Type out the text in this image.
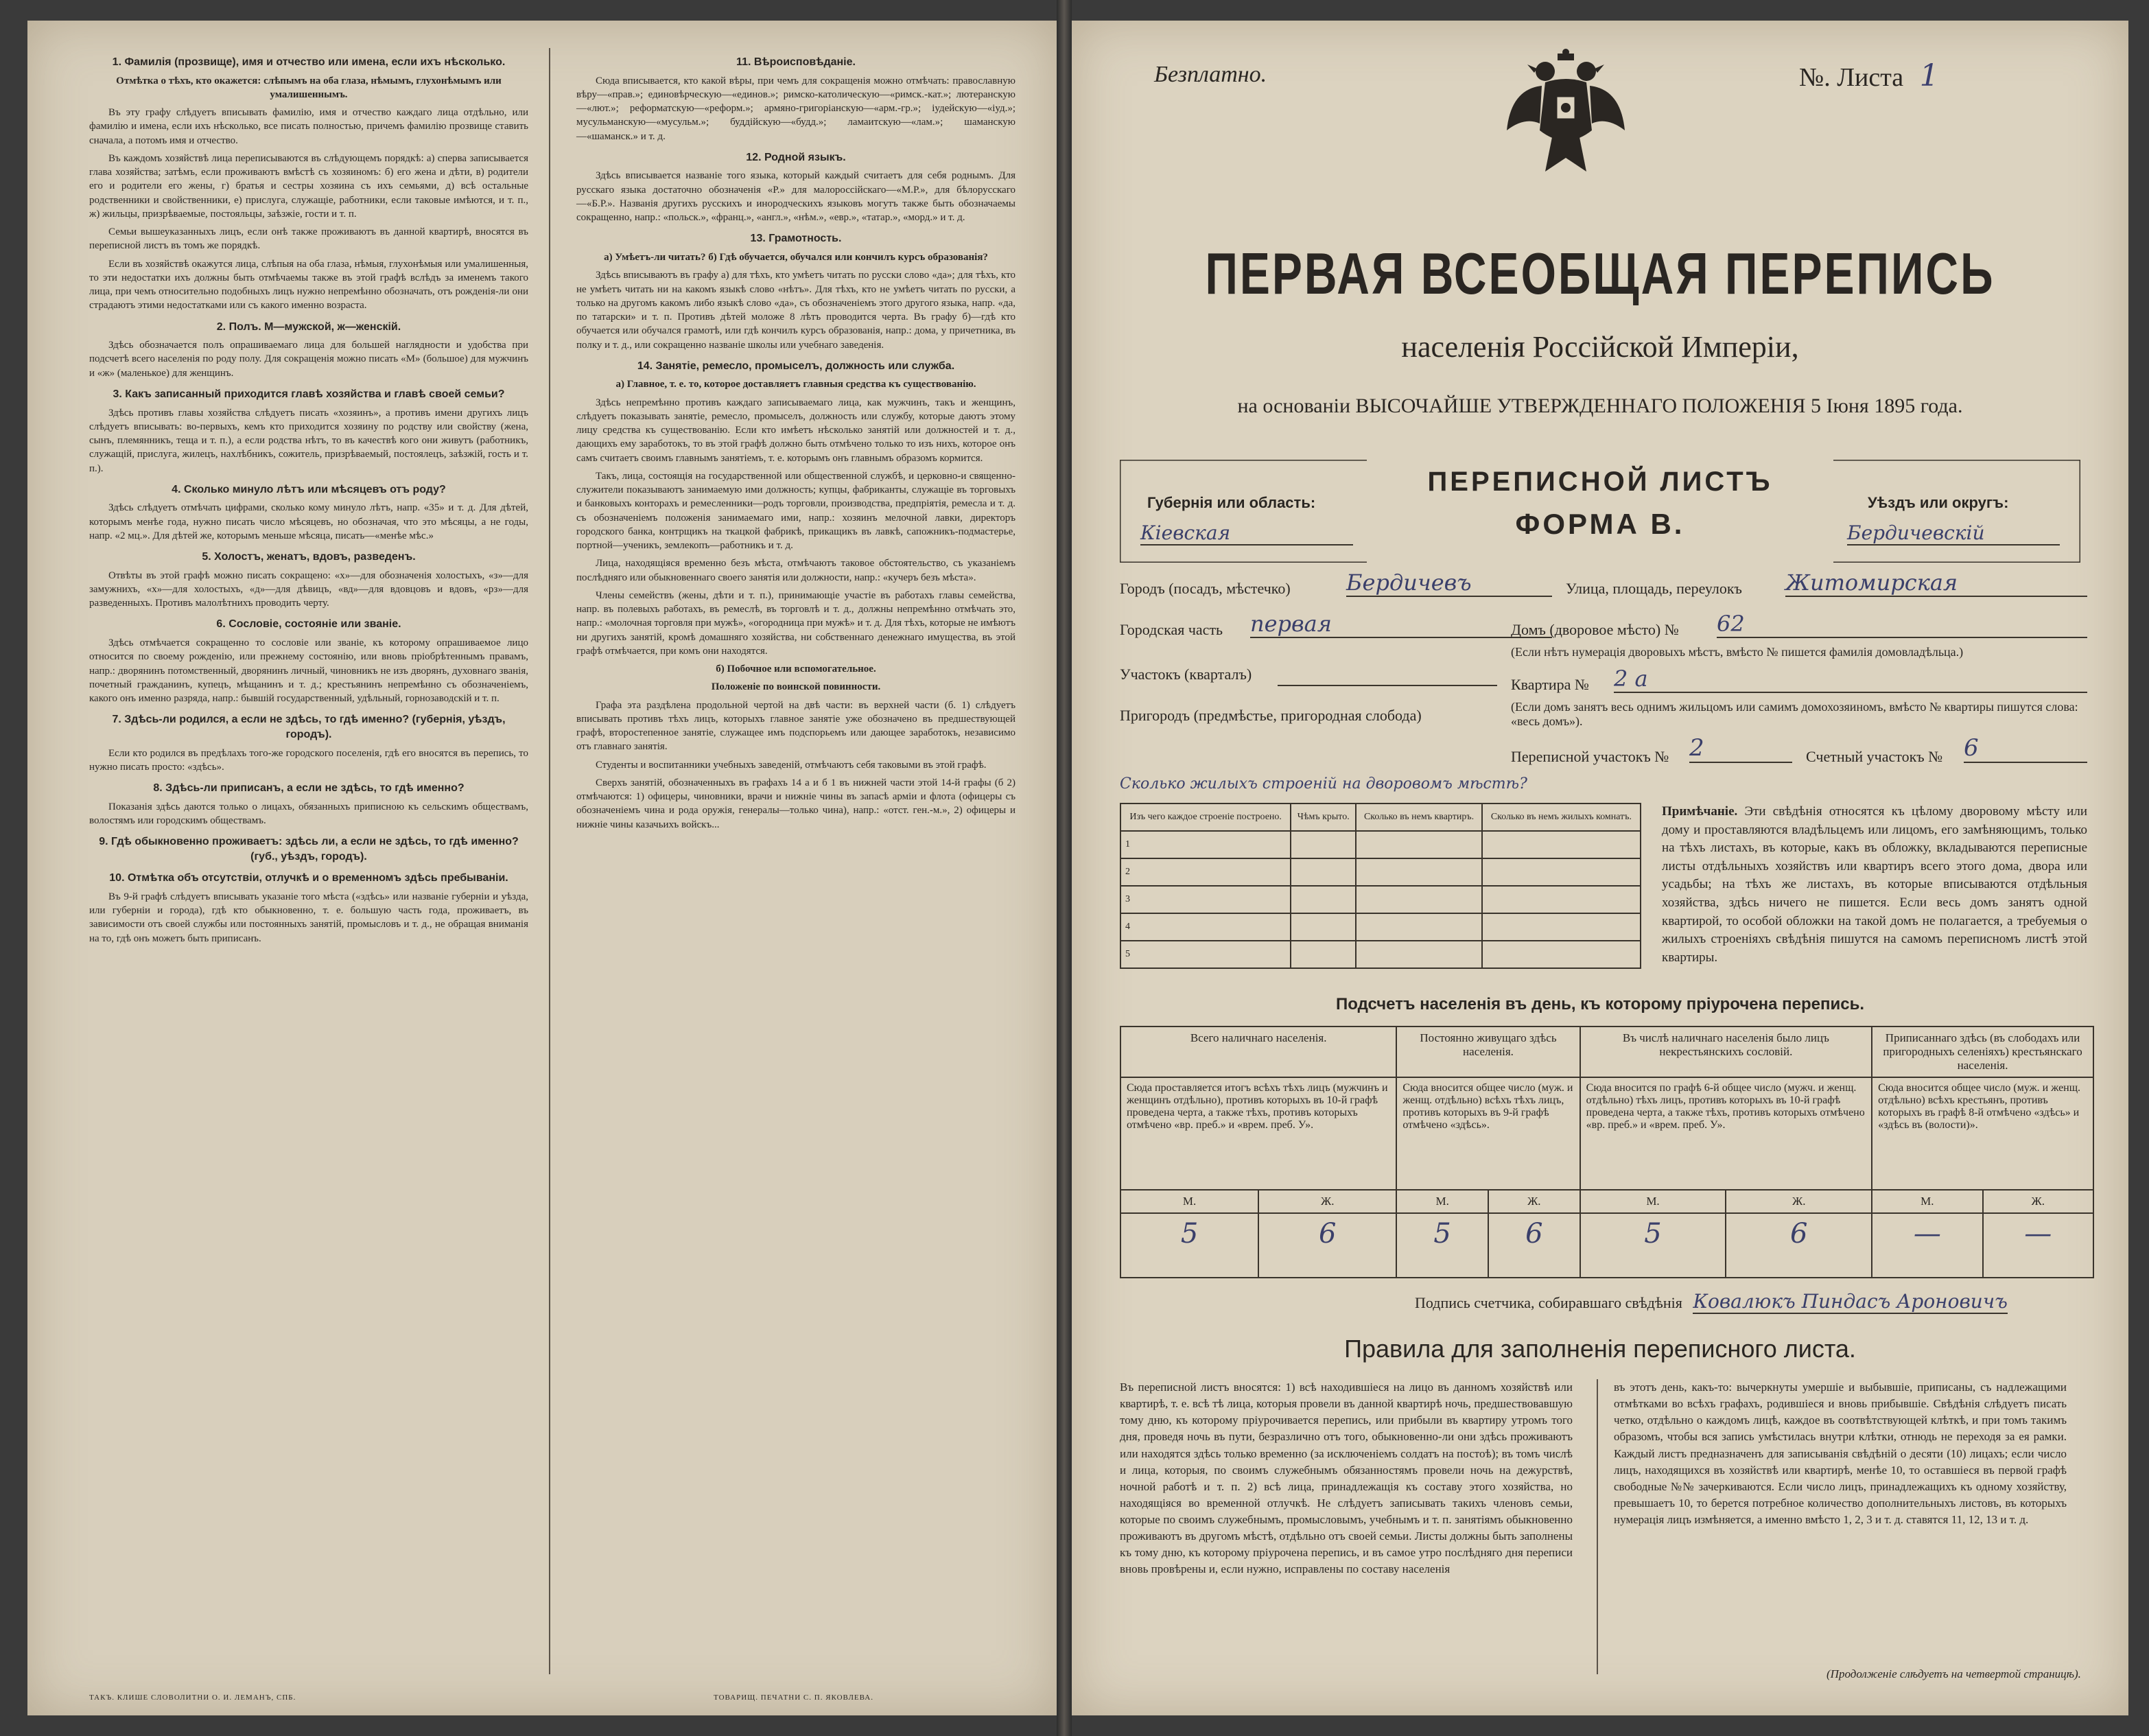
1. Фамилія (прозвище), имя и отчество или имена, если ихъ нѣсколько.
Отмѣтка о тѣхъ, кто окажется: слѣпымъ на оба глаза, нѣмымъ, глухонѣмымъ или умалишеннымъ.
Въ эту графу слѣдуетъ вписывать фамилію, имя и отчество каждаго лица отдѣльно, или фамилію и имена, если ихъ нѣсколько, все писать полностью, причемъ фамилію прозвище ставить сначала, а потомъ имя и отчество.
Въ каждомъ хозяйствѣ лица переписываются въ слѣдующемъ порядкѣ: а) сперва записывается глава хозяйства; затѣмъ, если проживаютъ вмѣстѣ съ хозяиномъ: б) его жена и дѣти, в) родители его и родители его жены, г) братья и сестры хозяина съ ихъ семьями, д) всѣ остальные родственники и свойственники, е) прислуга, служащіе, работники, если таковые имѣются, и т. п., ж) жильцы, призрѣваемые, постояльцы, заѣзжіе, гости и т. п.
Семьи вышеуказанныхъ лицъ, если онѣ также проживаютъ въ данной квартирѣ, вносятся въ переписной листъ въ томъ же порядкѣ.
Если въ хозяйствѣ окажутся лица, слѣпыя на оба глаза, нѣмыя, глухонѣмыя или умалишенныя, то эти недостатки ихъ должны быть отмѣчаемы также въ этой графѣ вслѣдъ за именемъ такого лица, при чемъ относительно подобныхъ лицъ нужно непремѣнно обозначать, отъ рожденія-ли они страдаютъ этими недостатками или съ какого именно возраста.
2. Полъ. М—мужской, ж—женскій.
Здѣсь обозначается полъ опрашиваемаго лица для большей наглядности и удобства при подсчетѣ всего населенія по роду полу. Для сокращенія можно писать «М» (большое) для мужчинъ и «ж» (маленькое) для женщинъ.
3. Какъ записанный приходится главѣ хозяйства и главѣ своей семьи?
Здѣсь противъ главы хозяйства слѣдуетъ писать «хозяинъ», а противъ имени другихъ лицъ слѣдуетъ вписывать: во-первыхъ, кемъ кто приходится хозяину по родству или свойству (жена, сынъ, племянникъ, теща и т. п.), а если родства нѣтъ, то въ качествѣ кого они живутъ (работникъ, служащій, прислуга, жилецъ, нахлѣбникъ, сожитель, призрѣваемый, постоялецъ, заѣзжій, гость и т. п.).
4. Сколько минуло лѣтъ или мѣсяцевъ отъ роду?
Здѣсь слѣдуетъ отмѣчать цифрами, сколько кому минуло лѣтъ, напр. «35» и т. д. Для дѣтей, которымъ менѣе года, нужно писать число мѣсяцевъ, но обозначая, что это мѣсяцы, а не годы, напр. «2 мц.». Для дѣтей же, которымъ меньше мѣсяца, писать—«менѣе мѣс.»
5. Холостъ, женатъ, вдовъ, разведенъ.
Отвѣты въ этой графѣ можно писать сокращено: «х»—для обозначенія холостыхъ, «з»—для замужнихъ, «х»—для холостыхъ, «д»—для дѣвицъ, «вд»—для вдовцовъ и вдовъ, «рз»—для разведенныхъ. Противъ малолѣтнихъ проводить черту.
6. Сословіе, состояніе или званіе.
Здѣсь отмѣчается сокращенно то сословіе или званіе, къ которому опрашиваемое лицо относится по своему рожденію, или прежнему состоянію, или вновь пріобрѣтеннымъ правамъ, напр.: дворянинъ потомственный, дворянинъ личный, чиновникъ не изъ дворянъ, духовнаго званія, почетный гражданинъ, купецъ, мѣщанинъ и т. д.; крестьянинъ непремѣнно съ обозначеніемъ, какого онъ именно разряда, напр.: бывшій государственный, удѣльный, горнозаводскій и т. п.
7. Здѣсь-ли родился, а если не здѣсь, то гдѣ именно? (губернія, уѣздъ, городъ).
Если кто родился въ предѣлахъ того-же городского поселенія, гдѣ его вносятся въ перепись, то нужно писать просто: «здѣсь».
8. Здѣсь-ли приписанъ, а если не здѣсь, то гдѣ именно?
Показанія здѣсь даются только о лицахъ, обязанныхъ приписною къ сельскимъ обществамъ, волостямъ или городскимъ обществамъ.
9. Гдѣ обыкновенно проживаетъ: здѣсь ли, а если не здѣсь, то гдѣ именно? (губ., уѣздъ, городъ).
10. Отмѣтка объ отсутствіи, отлучкѣ и о временномъ здѣсь пребываніи.
Въ 9-й графѣ слѣдуетъ вписывать указаніе того мѣста («здѣсь» или названіе губерніи и уѣзда, или губерніи и города), гдѣ кто обыкновенно, т. е. большую часть года, проживаетъ, въ зависимости отъ своей службы или постоянныхъ занятій, промысловъ и т. д., не обращая вниманія на то, гдѣ онъ можетъ быть приписанъ.
11. Вѣроисповѣданіе.
Сюда вписывается, кто какой вѣры, при чемъ для сокращенія можно отмѣчать: православную вѣру—«прав.»; единовѣрческую—«единов.»; римско-католическую—«римск.-кат.»; лютеранскую—«лют.»; реформатскую—«реформ.»; армяно-григоріанскую—«арм.-гр.»; іудейскую—«іуд.»; мусульманскую—«мусульм.»; буддійскую—«будд.»; ламаитскую—«лам.»; шаманскую—«шаманск.» и т. д.
12. Родной языкъ.
Здѣсь вписывается названіе того языка, который каждый считаетъ для себя роднымъ. Для русскаго языка достаточно обозначенія «Р.» для малороссійскаго—«М.Р.», для бѣлорусскаго—«Б.Р.». Названія другихъ русскихъ и инородческихъ языковъ могутъ также быть обозначаемы сокращенно, напр.: «польск.», «франц.», «англ.», «нѣм.», «евр.», «татар.», «морд.» и т. д.
13. Грамотность.
а) Умѣетъ-ли читать? б) Гдѣ обучается, обучался или кончилъ курсъ образованія?
Здѣсь вписываютъ въ графу а) для тѣхъ, кто умѣетъ читать по русски слово «да»; для тѣхъ, кто не умѣетъ читать ни на какомъ языкѣ слово «нѣтъ». Для тѣхъ, кто не умѣетъ читать по русски, а только на другомъ какомъ либо языкѣ слово «да», съ обозначеніемъ этого другого языка, напр. «да, по татарски» и т. п. Противъ дѣтей моложе 8 лѣтъ проводится черта. Въ графу б)—гдѣ кто обучается или обучался грамотѣ, или гдѣ кончилъ курсъ образованія, напр.: дома, у причетника, въ полку и т. д., или сокращенно названіе школы или учебнаго заведенія.
14. Занятіе, ремесло, промыселъ, должность или служба.
а) Главное, т. е. то, которое доставляетъ главныя средства къ существованію.
Здѣсь непремѣнно противъ каждаго записываемаго лица, как мужчинъ, такъ и женщинъ, слѣдуетъ показывать занятіе, ремесло, промыселъ, должность или службу, которые даютъ этому лицу средства къ существованію. Если кто имѣетъ нѣсколько занятій или должностей и т. д., дающихъ ему заработокъ, то въ этой графѣ должно быть отмѣчено только то изъ нихъ, которое онъ самъ считаетъ своимъ главнымъ занятіемъ, т. е. которымъ онъ главнымъ образомъ кормится.
Такъ, лица, состоящія на государственной или общественной службѣ, и церковно-и священно-служители показываютъ занимаемую ими должность; купцы, фабриканты, служащіе въ торговыхъ и банковыхъ конторахъ и ремесленники—родъ торговли, производства, предпріятія, ремесла и т. д. съ обозначеніемъ положенія занимаемаго ими, напр.: хозяинъ мелочной лавки, директоръ городского банка, контрщикъ на ткацкой фабрикѣ, прикащикъ въ лавкѣ, сапожникъ-подмастерье, портной—ученикъ, землекопъ—работникъ и т. д.
Лица, находящіяся временно безъ мѣста, отмѣчаютъ таковое обстоятельство, съ указаніемъ послѣдняго или обыкновеннаго своего занятія или должности, напр.: «кучеръ безъ мѣста».
Члены семействъ (жены, дѣти и т. п.), принимающіе участіе въ работахъ главы семейства, напр. въ полевыхъ работахъ, въ ремеслѣ, въ торговлѣ и т. д., должны непремѣнно отмѣчать это, напр.: «молочная торговля при мужѣ», «огородница при мужѣ» и т. д. Для тѣхъ, которые не имѣютъ ни другихъ занятій, кромѣ домашняго хозяйства, ни собственнаго денежнаго имущества, въ этой графѣ отмѣчается, при комъ они находятся.
б) Побочное или вспомогательное.
Положеніе по воинской повинности.
Графа эта раздѣлена продольной чертой на двѣ части: въ верхней части (б. 1) слѣдуетъ вписывать противъ тѣхъ лицъ, которыхъ главное занятіе уже обозначено въ предшествующей графѣ, второстепенное занятіе, служащее имъ подспорьемъ или дающее заработокъ, независимо отъ главнаго занятія.
Студенты и воспитанники учебныхъ заведеній, отмѣчаютъ себя таковыми въ этой графѣ.
Сверхъ занятій, обозначенныхъ въ графахъ 14 а и б 1 въ нижней части этой 14-й графы (б 2) отмѣчаются: 1) офицеры, чиновники, врачи и нижніе чины въ запасѣ арміи и флота (офицеры съ обозначеніемъ чина и рода оружія, генералы—только чина), напр.: «отст. ген.-м.», 2) офицеры и нижніе чины казачьихъ войскъ...
ТАКЪ. КЛИШЕ СЛОВОЛИТНИ О. И. ЛЕМАНЪ, СПБ.	ТОВАРИЩ. ПЕЧАТНИ С. П. ЯКОВЛЕВА.
Безплатно.	№. Листа 1
ПЕРВАЯ ВСЕОБЩАЯ ПЕРЕПИСЬ
населенія Россійской Имперіи,
на основаніи ВЫСОЧАЙШЕ УТВЕРЖДЕННАГО ПОЛОЖЕНІЯ 5 Іюня 1895 года.
ПЕРЕПИСНОЙ ЛИСТЪ
ФОРМА В.
Губернія или область:
Кіевская
Уѣздъ или округъ:
Бердичевскій
Городъ (посадъ, мѣстечко)	Бердичевъ	Улица, площадь, переулокъ Житомирская
Городская часть первая	Домъ (дворовое мѣсто) № 62
(Если нѣтъ нумерація дворовыхъ мѣстъ, вмѣсто № пишется фамилія домовладѣльца.)
Участокъ (кварталъ)
Квартира № 2 а
(Если домъ занятъ весь однимъ жильцомъ или самимъ домохозяиномъ, вмѣсто № квартиры пишутся слова: «весь домъ»).
Пригородъ (предмѣстье, пригородная слобода)
Переписной участокъ № 2	Счетный участокъ № 6
Сколько жилыхъ строеній на дворовомъ мѣстѣ?
Изъ чего каждое строеніе построено.	Чѣмъ крыто.	Сколько въ немъ квартиръ.	Сколько въ немъ жилыхъ комнатъ.
1			
2			
3			
4			
5			
Примѣчаніе. Эти свѣдѣнія относятся къ цѣлому дворовому мѣсту или дому и проставляются владѣльцемъ или лицомъ, его замѣняющимъ, только на тѣхъ листахъ, въ которые, какъ въ обложку, вкладываются переписные листы отдѣльныхъ хозяйствъ или квартиръ всего этого дома, двора или усадьбы; на тѣхъ же листахъ, въ которые вписываются отдѣльныя хозяйства, здѣсь ничего не пишется. Если весь домъ занятъ одной квартирой, то особой обложки на такой домъ не полагается, а требуемыя о жилыхъ строеніяхъ свѣдѣнія пишутся на самомъ переписномъ листѣ этой квартиры.
Подсчетъ населенія въ день, къ которому пріурочена перепись.
Всего наличнаго населенія.		Постоянно живущаго здѣсь населенія.		Въ числѣ наличнаго населенія было лицъ некрестьянскихъ сословій.		Приписаннаго здѣсь (въ слободахъ или пригородныхъ селеніяхъ) крестьянскаго населенія.	
Сюда проставляется итогъ всѣхъ тѣхъ лицъ (мужчинъ и женщинъ отдѣльно), противъ которыхъ въ 10-й графѣ проведена черта, а также тѣхъ, противъ которыхъ отмѣчено «вр. преб.» и «врем. преб. У».		Сюда вносится общее число (муж. и женщ. отдѣльно) всѣхъ тѣхъ лицъ, противъ которыхъ въ 9-й графѣ отмѣчено «здѣсь».		Сюда вносится по графѣ 6-й общее число (мужч. и женщ. отдѣльно) тѣхъ лицъ, противъ которыхъ въ 10-й графѣ проведена черта, а также тѣхъ, противъ которыхъ отмѣчено «вр. преб.» и «врем. преб. У».		Сюда вносится общее число (муж. и женщ. отдѣльно) всѣхъ крестьянъ, противъ которыхъ въ графѣ 8-й отмѣчено «здѣсь» и «здѣсь въ (волости)».	
М.	Ж.	М.	Ж.	М.	Ж.	М.	Ж.
5	6	5	6	5	6	—	—
Подпись счетчика, собиравшаго свѣдѣнія Ковалюкъ Пиндасъ Ароновичъ
Правила для заполненія переписного листа.
Въ переписной листъ вносятся: 1) всѣ находившіеся на лицо въ данномъ хозяйствѣ или квартирѣ, т. е. всѣ тѣ лица, которыя провели въ данной квартирѣ ночь, предшествовавшую тому дню, къ которому пріурочивается перепись, или прибыли въ квартиру утромъ того дня, проведя ночь въ пути, безразлично отъ того, обыкновенно-ли они здѣсь проживаютъ или находятся здѣсь только временно (за исключеніемъ солдатъ на постоѣ); въ томъ числѣ и лица, которыя, по своимъ служебнымъ обязанностямъ провели ночь на дежурствѣ, ночной работѣ и т. п. 2) всѣ лица, принадлежащія къ составу этого хозяйства, но находящіяся во временной отлучкѣ. Не слѣдуетъ записывать такихъ членовъ семьи, которые по своимъ служебнымъ, промысловымъ, учебнымъ и т. п. занятіямъ обыкновенно проживаютъ въ другомъ мѣстѣ, отдѣльно отъ своей семьи. Листы должны быть заполнены къ тому дню, къ которому пріурочена перепись, и въ самое утро послѣдняго дня переписи вновь провѣрены и, если нужно, исправлены по составу населенія
въ этотъ день, какъ-то: вычеркнуты умершіе и выбывшіе, приписаны, съ надлежащими отмѣтками во всѣхъ графахъ, родившіеся и вновь прибывшіе. Свѣдѣнія слѣдуетъ писать четко, отдѣльно о каждомъ лицѣ, каждое въ соотвѣтствующей клѣткѣ, и при томъ такимъ образомъ, чтобы вся запись умѣстилась внутри клѣтки, отнюдь не переходя за ея рамки. Каждый листъ предназначенъ для записыванія свѣдѣній о десяти (10) лицахъ; если число лицъ, находящихся въ хозяйствѣ или квартирѣ, менѣе 10, то оставшіеся въ первой графѣ свободные №№ зачеркиваются. Если число лицъ, принадлежащихъ къ одному хозяйству, превышаетъ 10, то берется потребное количество дополнительныхъ листовъ, въ которыхъ нумерація лицъ измѣняется, а именно вмѣсто 1, 2, 3 и т. д. ставятся 11, 12, 13 и т. д.
(Продолженіе слѣдуетъ на четвертой страницѣ).
